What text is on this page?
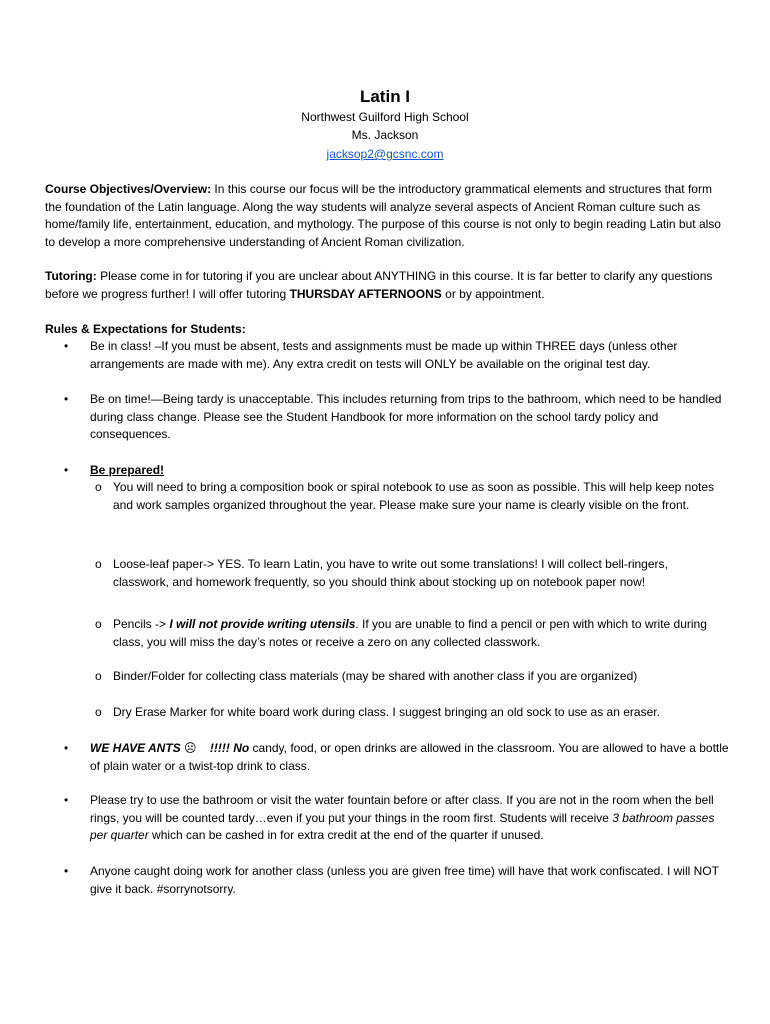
Latin I
Northwest Guilford High School
Ms. Jackson
jacksop2@gcsnc.com

Course Objectives/Overview: In this course our focus will be the introductory grammatical elements and structures that form the foundation of the Latin language. Along the way students will analyze several aspects of Ancient Roman culture such as home/family life, entertainment, education, and mythology. The purpose of this course is not only to begin reading Latin but also to develop a more comprehensive understanding of Ancient Roman civilization.

Tutoring: Please come in for tutoring if you are unclear about ANYTHING in this course. It is far better to clarify any questions before we progress further! I will offer tutoring THURSDAY AFTERNOONS or by appointment.

Rules & Expectations for Students:

•	Be in class! –If you must be absent, tests and assignments must be made up within THREE days (unless other arrangements are made with me). Any extra credit on tests will ONLY be available on the original test day.

•	Be on time!—Being tardy is unacceptable. This includes returning from trips to the bathroom, which need to be handled during class change. Please see the Student Handbook for more information on the school tardy policy and consequences.

•	Be prepared!

o You will need to bring a composition book or spiral notebook to use as soon as possible. This will help keep notes and work samples organized throughout the year. Please make sure your name is clearly visible on the front.

o Loose-leaf paper-> YES. To learn Latin, you have to write out some translations! I will collect bell-ringers, classwork, and homework frequently, so you should think about stocking up on notebook paper now!

o Pencils -> I will not provide writing utensils. If you are unable to find a pencil or pen with which to write during class, you will miss the day’s notes or receive a zero on any collected classwork.

o Binder/Folder for collecting class materials (may be shared with another class if you are organized)

o Dry Erase Marker for white board work during class. I suggest bringing an old sock to use as an eraser.

•	WE HAVE ANTS ☹ !!!!! No candy, food, or open drinks are allowed in the classroom. You are allowed to have a bottle of plain water or a twist-top drink to class.

•	Please try to use the bathroom or visit the water fountain before or after class. If you are not in the room when the bell rings, you will be counted tardy…even if you put your things in the room first. Students will receive 3 bathroom passes per quarter which can be cashed in for extra credit at the end of the quarter if unused.

•	Anyone caught doing work for another class (unless you are given free time) will have that work confiscated. I will NOT give it back. #sorrynotsorry.
